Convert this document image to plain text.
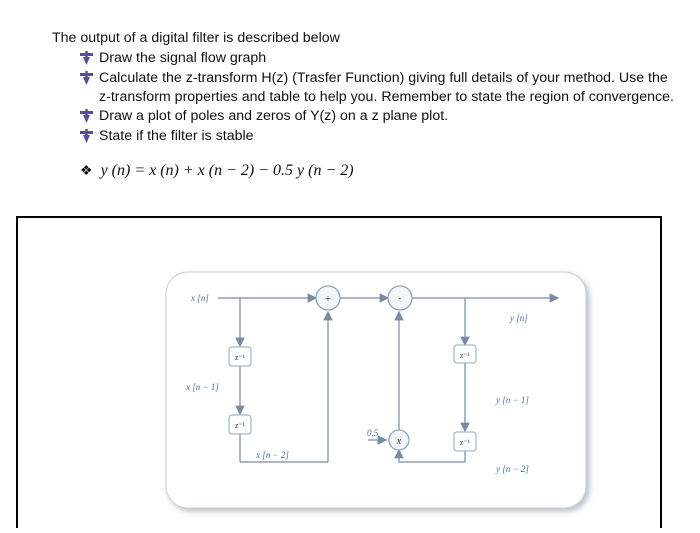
The output of a digital filter is described below
Draw the signal flow graph
Calculate the z-transform H(z) (Trasfer Function) giving full details of your method. Use the
z-transform properties and table to help you. Remember to state the region of convergence.
Draw a plot of poles and zeros of Y(z) on a z plane plot.
State if the filter is stable
❖ y (n) = x (n) + x (n − 2) − 0.5 y (n − 2)
+	·
x
z⁻¹
z⁻¹
z⁻¹
z⁻¹
x [n]
y [n]
x [n − 1]
x [n − 2]
y [n − 1]
y [n − 2]
0.5
